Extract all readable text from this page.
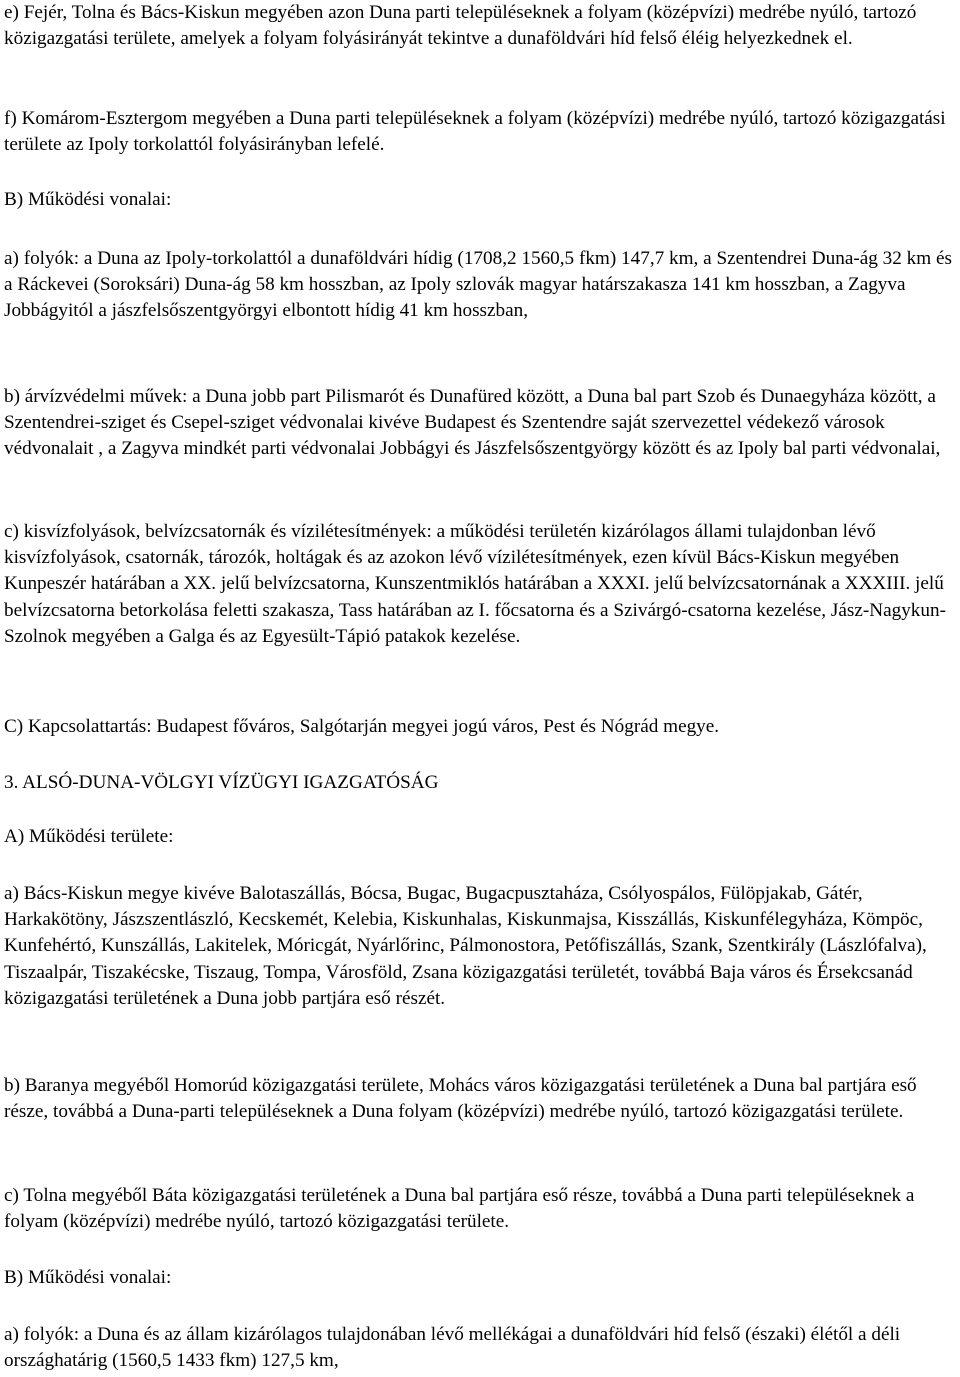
e) Fejér, Tolna és Bács-Kiskun megyében azon Duna parti településeknek a folyam (középvízi) medrébe nyúló, tartozó közigazgatási területe, amelyek a folyam folyásirányát tekintve a dunaföldvári híd felső éléig helyezkednek el.

f) Komárom-Esztergom megyében a Duna parti településeknek a folyam (középvízi) medrébe nyúló, tartozó közigazgatási területe az Ipoly torkolattól folyásirányban lefelé.

B) Működési vonalai:

a) folyók: a Duna az Ipoly-torkolattól a dunaföldvári hídig (1708,2 1560,5 fkm) 147,7 km, a Szentendrei Duna-ág 32 km és a Ráckevei (Soroksári) Duna-ág 58 km hosszban, az Ipoly szlovák magyar határszakasza 141 km hosszban, a Zagyva Jobbágyitól a jászfelsőszentgyörgyi elbontott hídig 41 km hosszban,

b) árvízvédelmi művek: a Duna jobb part Pilismarót és Dunafüred között, a Duna bal part Szob és Dunaegyháza között, a Szentendrei-sziget és Csepel-sziget védvonalai kivéve Budapest és Szentendre saját szervezettel védekező városok védvonalait , a Zagyva mindkét parti védvonalai Jobbágyi és Jászfelsőszentgyörgy között és az Ipoly bal parti védvonalai,

c) kisvízfolyások, belvízcsatornák és vízilétesítmények: a működési területén kizárólagos állami tulajdonban lévő kisvízfolyások, csatornák, tározók, holtágak és az azokon lévő vízilétesítmények, ezen kívül Bács-Kiskun megyében Kunpeszér határában a XX. jelű belvízcsatorna, Kunszentmiklós határában a XXXI. jelű belvízcsatornának a XXXIII. jelű belvízcsatorna betorkolása feletti szakasza, Tass határában az I. főcsatorna és a Szivárgó-csatorna kezelése, Jász-Nagykun-Szolnok megyében a Galga és az Egyesült-Tápió patakok kezelése.

C) Kapcsolattartás: Budapest főváros, Salgótarján megyei jogú város, Pest és Nógrád megye.

3. ALSÓ-DUNA-VÖLGYI VÍZÜGYI IGAZGATÓSÁG

A) Működési területe:

a) Bács-Kiskun megye kivéve Balotaszállás, Bócsa, Bugac, Bugacpusztaháza, Csólyospálos, Fülöpjakab, Gátér, Harkakötöny, Jászszentlászló, Kecskemét, Kelebia, Kiskunhalas, Kiskunmajsa, Kisszállás, Kiskunfélegyháza, Kömpöc, Kunfehértó, Kunszállás, Lakitelek, Móricgát, Nyárlőrinc, Pálmonostora, Petőfiszállás, Szank, Szentkirály (Lászlófalva), Tiszaalpár, Tiszakécske, Tiszaug, Tompa, Városföld, Zsana közigazgatási területét, továbbá Baja város és Érsekcsanád közigazgatási területének a Duna jobb partjára eső részét.

b) Baranya megyéből Homorúd közigazgatási területe, Mohács város közigazgatási területének a Duna bal partjára eső része, továbbá a Duna-parti településeknek a Duna folyam (középvízi) medrébe nyúló, tartozó közigazgatási területe.

c) Tolna megyéből Báta közigazgatási területének a Duna bal partjára eső része, továbbá a Duna parti településeknek a folyam (középvízi) medrébe nyúló, tartozó közigazgatási területe.

B) Működési vonalai:

a) folyók: a Duna és az állam kizárólagos tulajdonában lévő mellékágai a dunaföldvári híd felső (északi) élétől a déli országhatárig (1560,5 1433 fkm) 127,5 km,
